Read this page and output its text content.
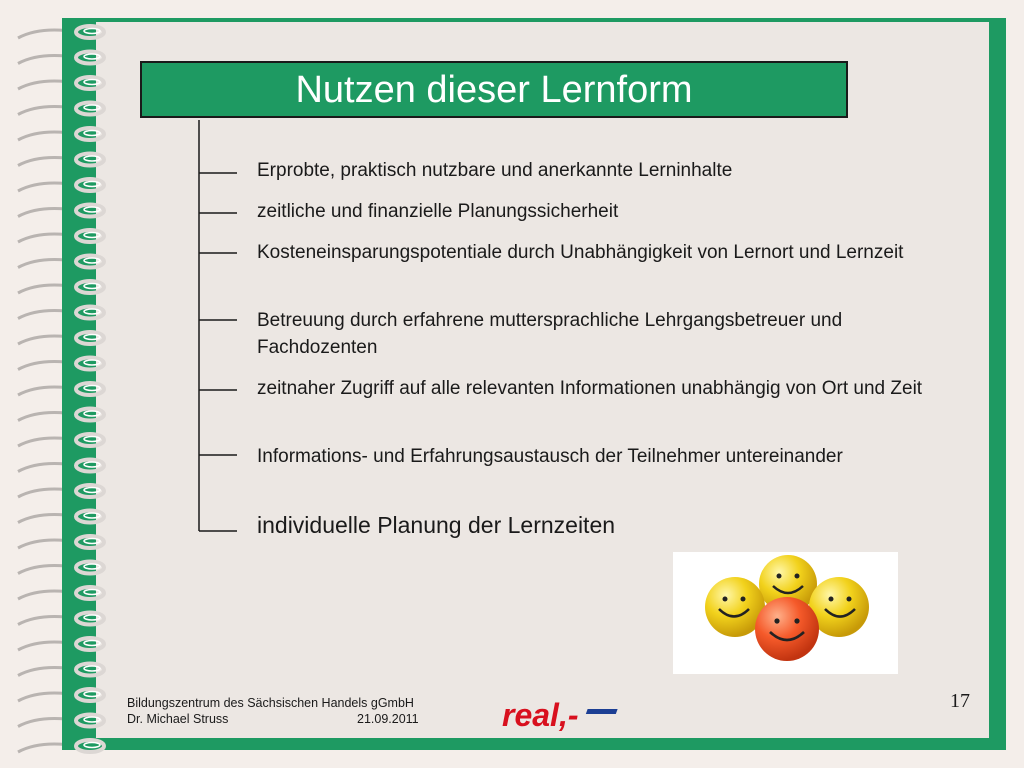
Nutzen dieser Lernform
Erprobte, praktisch nutzbare und anerkannte Lerninhalte
zeitliche und finanzielle Planungssicherheit
Kosteneinsparungspotentiale durch Unabhängigkeit von Lernort und Lernzeit
Betreuung durch erfahrene muttersprachliche Lehrgangsbetreuer und Fachdozenten
zeitnaher Zugriff auf alle relevanten Informationen unabhängig von Ort und Zeit
Informations- und Erfahrungsaustausch der Teilnehmer untereinander
individuelle Planung der Lernzeiten
Bildungszentrum des Sächsischen Handels gGmbH
Dr. Michael Struss	21.09.2011	real,-	17
